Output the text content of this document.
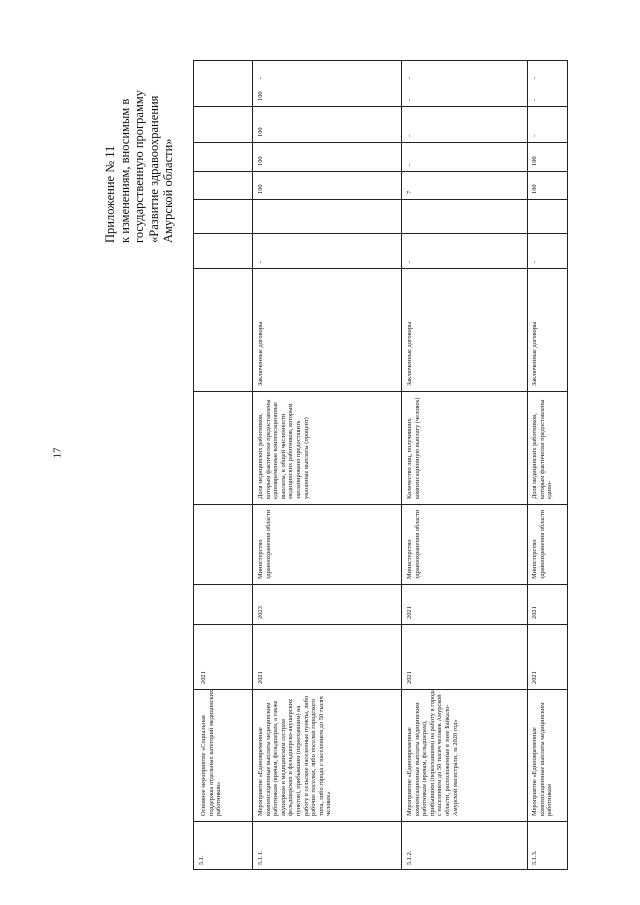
17
Приложение № 11 к изменениям, вносимым в государственную программу «Развитие здравоохранения Амурской области»
5.1.
Основное мероприятие «Социальная поддержка отдельных категорий медицинских работников»
2021
5.1.1.
Мероприятие «Единовременные компенсационные выплаты медицинским работникам (врачам, фельдшерам, а также акушеркам и медицинским сестрам фельдшерских и фельдшерско-акушерских пунктов), прибывшим (переехавшим) на работу в сельские населенные пункты, либо рабочие поселки, либо поселки городского типа, либо города с населением до 50 тысяч человек»
2021
2023
Министерство здравоохранения области
Доля медицинских работников, которым фактически предоставлены единовременные компенсационные выплаты, в общей численности медицинских работников, которым запланировано предоставить указанные выплаты (процент)
Заключенные договоры
-
100
100
100
100
-
5.1.2.
Мероприятие «Единовременные компенсационные выплаты медицинским работникам (врачам, фельдшерам), прибывшим (переехавшим) на работу в города с населением до 50 тысяч человек Амурской области, расположенные в зоне Байкало-Амурской магистрали, за 2020 год»
2021
2021
Министерство здравоохранения области
Количество лиц, получивших компенсационную выплату (человек)
Заключенные договоры
-
7
-
-
-
-
5.1.3.
Мероприятие «Единовременные компенсационные выплаты медицинским работникам
2021
2021
Министерство здравоохранения области
Доля медицинских работников, которым фактически предоставлены едино-
Заключенные договоры
-
100
100
-
-
-
